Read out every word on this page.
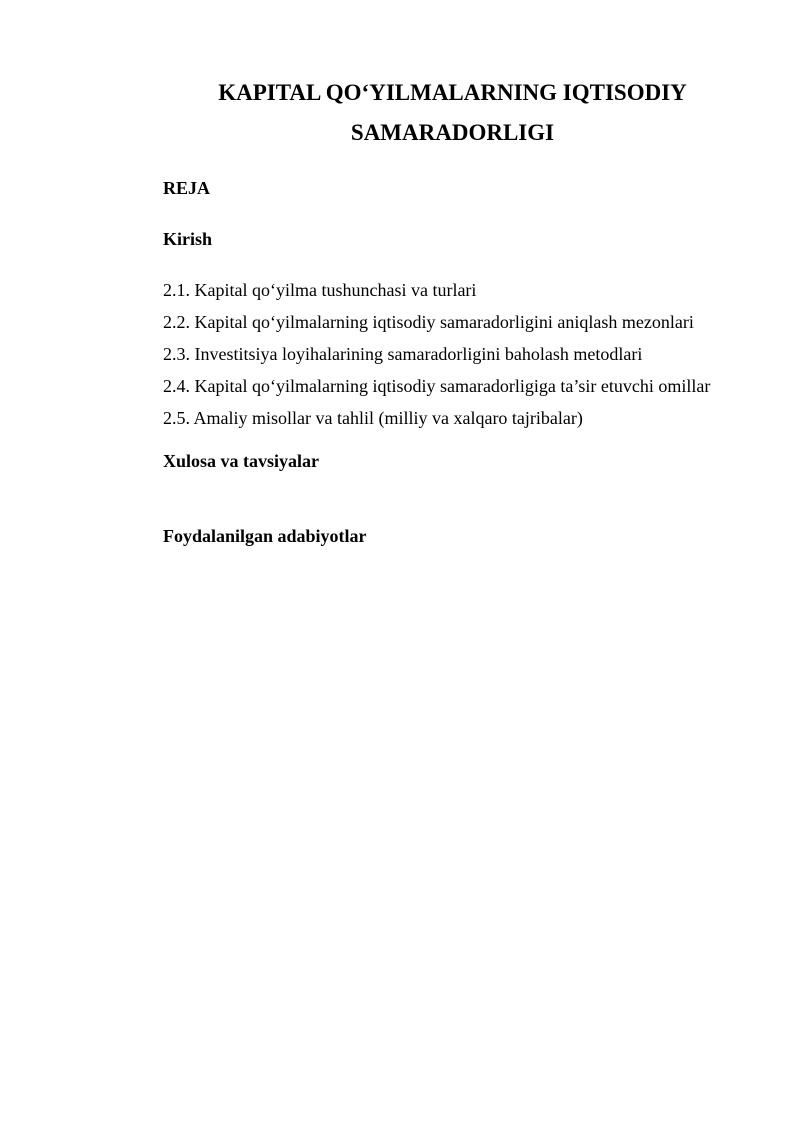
KAPITAL QO‘YILMALARNING IQTISODIY

SAMARADORLIGI

REJA

Kirish

2.1. Kapital qo‘yilma tushunchasi va turlari
2.2. Kapital qo‘yilmalarning iqtisodiy samaradorligini aniqlash mezonlari
2.3. Investitsiya loyihalarining samaradorligini baholash metodlari
2.4. Kapital qo‘yilmalarning iqtisodiy samaradorligiga ta’sir etuvchi omillar
2.5. Amaliy misollar va tahlil (milliy va xalqaro tajribalar)

Xulosa va tavsiyalar

Foydalanilgan adabiyotlar
